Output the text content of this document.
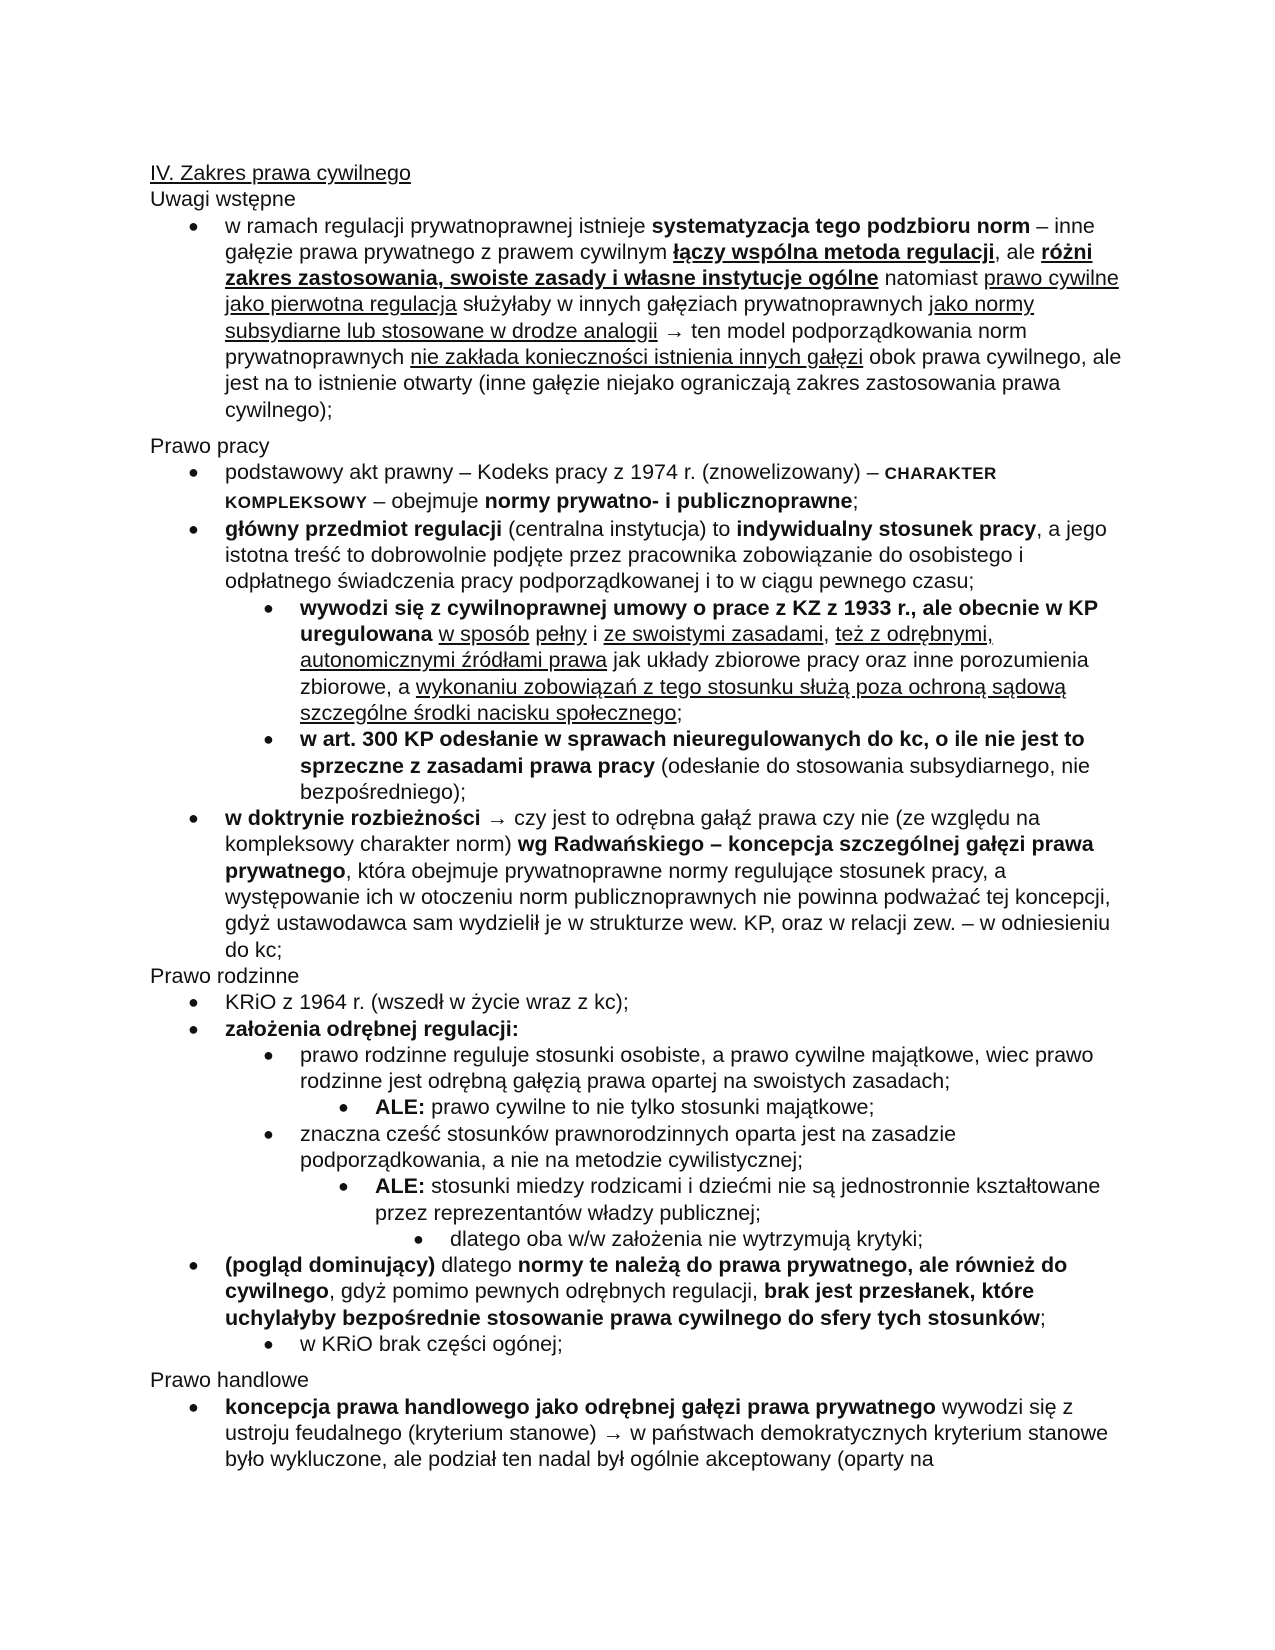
IV. Zakres prawa cywilnego
Uwagi wstępne
● w ramach regulacji prywatnoprawnej istnieje systematyzacja tego podzbioru norm – inne gałęzie prawa prywatnego z prawem cywilnym łączy wspólna metoda regulacji, ale różni zakres zastosowania, swoiste zasady i własne instytucje ogólne natomiast prawo cywilne jako pierwotna regulacja służyłaby w innych gałęziach prywatnoprawnych jako normy subsydiarne lub stosowane w drodze analogii → ten model podporządkowania norm prywatnoprawnych nie zakłada konieczności istnienia innych gałęzi obok prawa cywilnego, ale jest na to istnienie otwarty (inne gałęzie niejako ograniczają zakres zastosowania prawa cywilnego);
Prawo pracy
● podstawowy akt prawny – Kodeks pracy z 1974 r. (znowelizowany) – CHARAKTER KOMPLEKSOWY – obejmuje normy prywatno- i publicznoprawne;
● główny przedmiot regulacji (centralna instytucja) to indywidualny stosunek pracy, a jego istotna treść to dobrowolnie podjęte przez pracownika zobowiązanie do osobistego i odpłatnego świadczenia pracy podporządkowanej i to w ciągu pewnego czasu;
● wywodzi się z cywilnoprawnej umowy o prace z KZ z 1933 r., ale obecnie w KP uregulowana w sposób pełny i ze swoistymi zasadami, też z odrębnymi, autonomicznymi źródłami prawa jak układy zbiorowe pracy oraz inne porozumienia zbiorowe, a wykonaniu zobowiązań z tego stosunku służą poza ochroną sądową szczególne środki nacisku społecznego;
● w art. 300 KP odesłanie w sprawach nieuregulowanych do kc, o ile nie jest to sprzeczne z zasadami prawa pracy (odesłanie do stosowania subsydiarnego, nie bezpośredniego);
● w doktrynie rozbieżności → czy jest to odrębna gałąź prawa czy nie (ze względu na kompleksowy charakter norm) wg Radwańskiego – koncepcja szczególnej gałęzi prawa prywatnego, która obejmuje prywatnoprawne normy regulujące stosunek pracy, a występowanie ich w otoczeniu norm publicznoprawnych nie powinna podważać tej koncepcji, gdyż ustawodawca sam wydzielił je w strukturze wew. KP, oraz w relacji zew. – w odniesieniu do kc;
Prawo rodzinne
● KRiO z 1964 r. (wszedł w życie wraz z kc);
● założenia odrębnej regulacji:
● prawo rodzinne reguluje stosunki osobiste, a prawo cywilne majątkowe, wiec prawo rodzinne jest odrębną gałęzią prawa opartej na swoistych zasadach;
● ALE: prawo cywilne to nie tylko stosunki majątkowe;
● znaczna cześć stosunków prawnorodzinnych oparta jest na zasadzie podporządkowania, a nie na metodzie cywilistycznej;
● ALE: stosunki miedzy rodzicami i dziećmi nie są jednostronnie kształtowane przez reprezentantów władzy publicznej;
● dlatego oba w/w założenia nie wytrzymują krytyki;
● (pogląd dominujący) dlatego normy te należą do prawa prywatnego, ale również do cywilnego, gdyż pomimo pewnych odrębnych regulacji, brak jest przesłanek, które uchylałyby bezpośrednie stosowanie prawa cywilnego do sfery tych stosunków;
● w KRiO brak części ogónej;
Prawo handlowe
● koncepcja prawa handlowego jako odrębnej gałęzi prawa prywatnego wywodzi się z ustroju feudalnego (kryterium stanowe) → w państwach demokratycznych kryterium stanowe było wykluczone, ale podział ten nadal był ogólnie akceptowany (oparty na
